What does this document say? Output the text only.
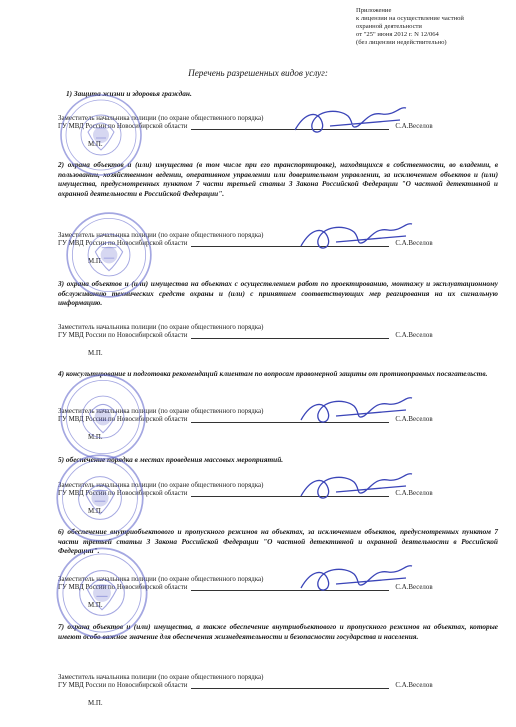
Приложение
к лицензии на осуществление частной
охранной деятельности
от "25" июня 2012 г. N 12/064
(без лицензии недействительно)
Перечень разрешенных видов услуг:
1) Защита жизни и здоровья граждан.
Заместитель начальника полиции (по охране общественного порядка)
ГУ МВД России по Новосибирской области	С.А.Веселов
М.П.
2) охрана объектов и (или) имущества (в том числе при его транспортировке), находящихся в собственности, во владении, в пользовании, хозяйственном ведении, оперативном управлении или доверительном управлении, за исключением объектов и (или) имущества, предусмотренных пунктом 7 части третьей статьи 3 Закона Российской Федерации "О частной детективной и охранной деятельности в Российской Федерации".
Заместитель начальника полиции (по охране общественного порядка)
ГУ МВД России по Новосибирской области	С.А.Веселов
М.П.
3) охрана объектов и (или) имущества на объектах с осуществлением работ по проектированию, монтажу и эксплуатационному обслуживанию технических средств охраны и (или) с принятием соответствующих мер реагирования на их сигнальную информацию.
Заместитель начальника полиции (по охране общественного порядка)
ГУ МВД России по Новосибирской области	С.А.Веселов
М.П.
4) консультирование и подготовка рекомендаций клиентам по вопросам правомерной защиты от противоправных посягательств.
Заместитель начальника полиции (по охране общественного порядка)
ГУ МВД России по Новосибирской области	С.А.Веселов
М.П.
5) обеспечение порядка в местах проведения массовых мероприятий.
Заместитель начальника полиции (по охране общественного порядка)
ГУ МВД России по Новосибирской области	С.А.Веселов
М.П.
6) обеспечение внутриобъектового и пропускного режимов на объектах, за исключением объектов, предусмотренных пунктом 7 части третьей статьи 3 Закона Российской Федерации "О частной детективной и охранной деятельности в Российской Федерации".
Заместитель начальника полиции (по охране общественного порядка)
ГУ МВД России по Новосибирской области	С.А.Веселов
М.П.
7) охрана объектов и (или) имущества, а также обеспечение внутриобъектового и пропускного режимов на объектах, которые имеют особо важное значение для обеспечения жизнедеятельности и безопасности государства и населения.
Заместитель начальника полиции (по охране общественного порядка)
ГУ МВД России по Новосибирской области	С.А.Веселов
М.П.
